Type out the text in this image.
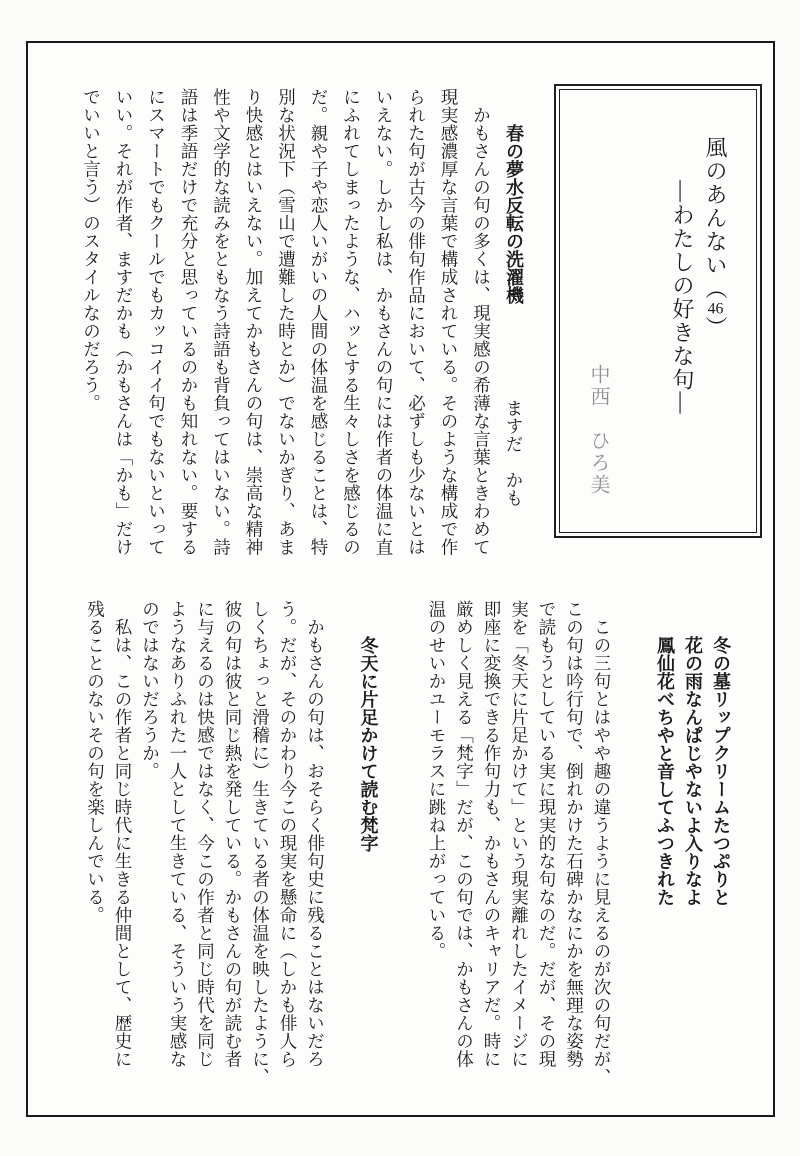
風のあんない（46）
―わたしの好きな句―
中西　ひろ美
春の夢水反転の洗濯機ますだ　かも
かもさんの句の多くは、現実感の希薄な言葉ときわめて
現実感濃厚な言葉で構成されている。そのような構成で作
られた句が古今の俳句作品において、必ずしも少ないとは
いえない。しかし私は、かもさんの句には作者の体温に直
にふれてしまったような、ハッとする生々しさを感じるの
だ。親や子や恋人いがいの人間の体温を感じることは、特
別な状況下（雪山で遭難した時とか）でないかぎり、あま
り快感とはいえない。加えてかもさんの句は、崇高な精神
性や文学的な読みをともなう詩語も背負ってはいない。詩
語は季語だけで充分と思っているのかも知れない。要する
にスマートでもクールでもカッコイイ句でもないといって
いい。それが作者、ますだかも（かもさんは「かも」だけ
でいいと言う）のスタイルなのだろう。
冬の墓リップクリームたつぷりと
花の雨なんぱじやないよ入りなよ
鳳仙花べちやと音してふつきれた
この三句とはやや趣の違うように見えるのが次の句だが、
この句は吟行句で、倒れかけた石碑かなにかを無理な姿勢
で読もうとしている実に現実的な句なのだ。だが、その現
実を「冬天に片足かけて」という現実離れしたイメージに
即座に変換できる作句力も、かもさんのキャリアだ。時に
厳めしく見える「梵字」だが、この句では、かもさんの体
温のせいかユーモラスに跳ね上がっている。
冬天に片足かけて読む梵字
かもさんの句は、おそらく俳句史に残ることはないだろ
う。だが、そのかわり今この現実を懸命に（しかも俳人ら
しくちょっと滑稽に）生きている者の体温を映したように、
彼の句は彼と同じ熱を発している。かもさんの句が読む者
に与えるのは快感ではなく、今この作者と同じ時代を同じ
ようなありふれた一人として生きている、そういう実感な
のではないだろうか。
私は、この作者と同じ時代に生きる仲間として、歴史に
残ることのないその句を楽しんでいる。
